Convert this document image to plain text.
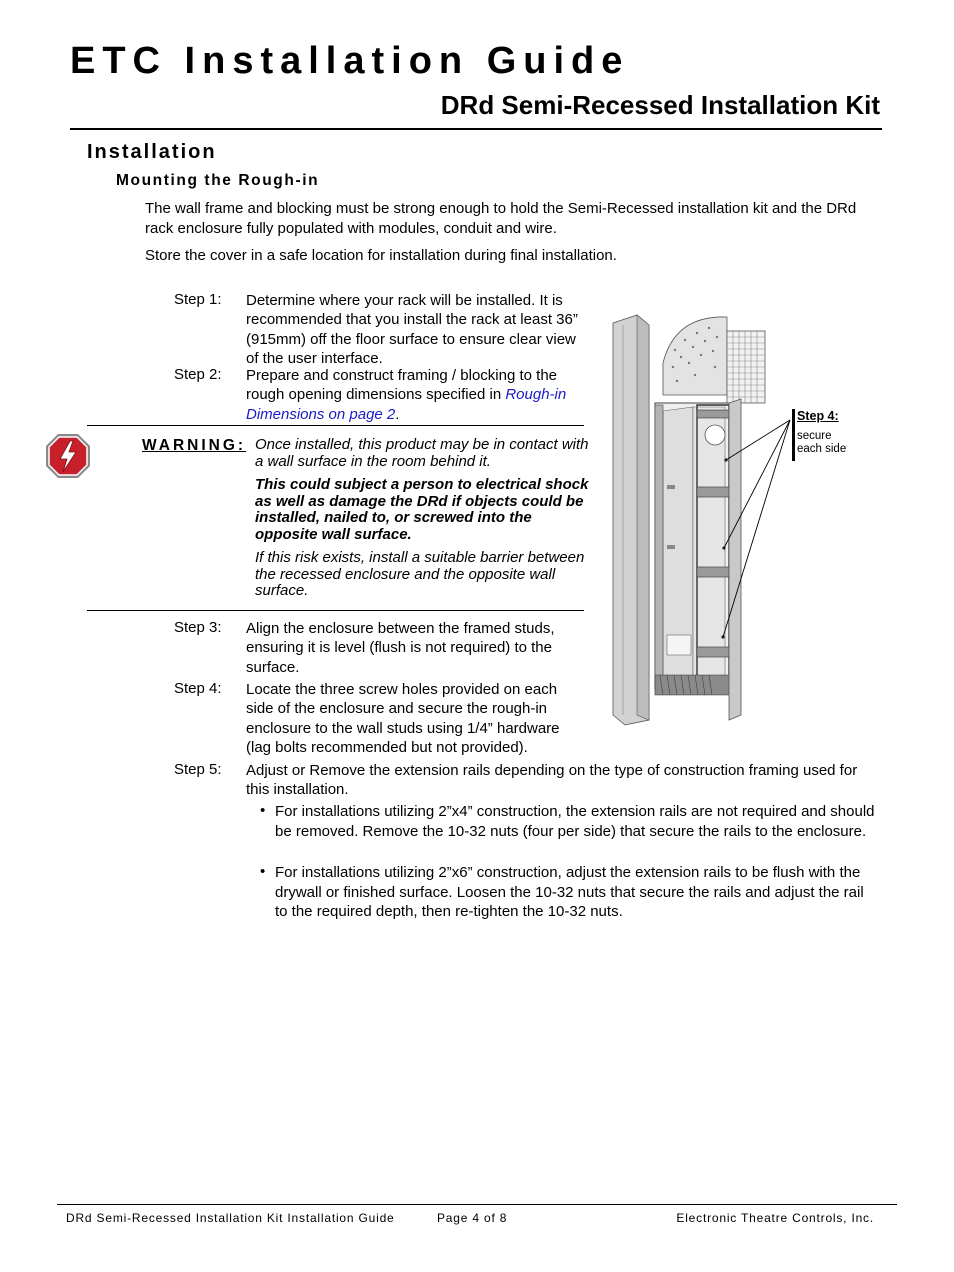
ETC Installation Guide
DRd Semi-Recessed Installation Kit
Installation
Mounting the Rough-in
The wall frame and blocking must be strong enough to hold the Semi-Recessed installation kit and the DRd rack enclosure fully populated with modules, conduit and wire.
Store the cover in a safe location for installation during final installation.
Step 1: Determine where your rack will be installed. It is recommended that you install the rack at least 36” (915mm) off the floor surface to ensure clear view of the user interface.
Step 2: Prepare and construct framing / blocking to the rough opening dimensions specified in Rough-in Dimensions on page 2.
WARNING: Once installed, this product may be in contact with a wall surface in the room behind it.
This could subject a person to electrical shock as well as damage the DRd if objects could be installed, nailed to, or screwed into the opposite wall surface.
If this risk exists, install a suitable barrier between the recessed enclosure and the opposite wall surface.
Step 3: Align the enclosure between the framed studs, ensuring it is level (flush is not required) to the surface.
Step 4: Locate the three screw holes provided on each side of the enclosure and secure the rough-in enclosure to the wall studs using 1/4” hardware (lag bolts recommended but not provided).
Step 5: Adjust or Remove the extension rails depending on the type of construction framing used for this installation.
• For installations utilizing 2”x4” construction, the extension rails are not required and should be removed. Remove the 10-32 nuts (four per side) that secure the rails to the enclosure.
• For installations utilizing 2”x6” construction, adjust the extension rails to be flush with the drywall or finished surface. Loosen the 10-32 nuts that secure the rails and adjust the rail to the required depth, then re-tighten the 10-32 nuts.
Step 4:
secure
each side
DRd Semi-Recessed Installation Kit Installation Guide	Page 4 of 8	Electronic Theatre Controls, Inc.
